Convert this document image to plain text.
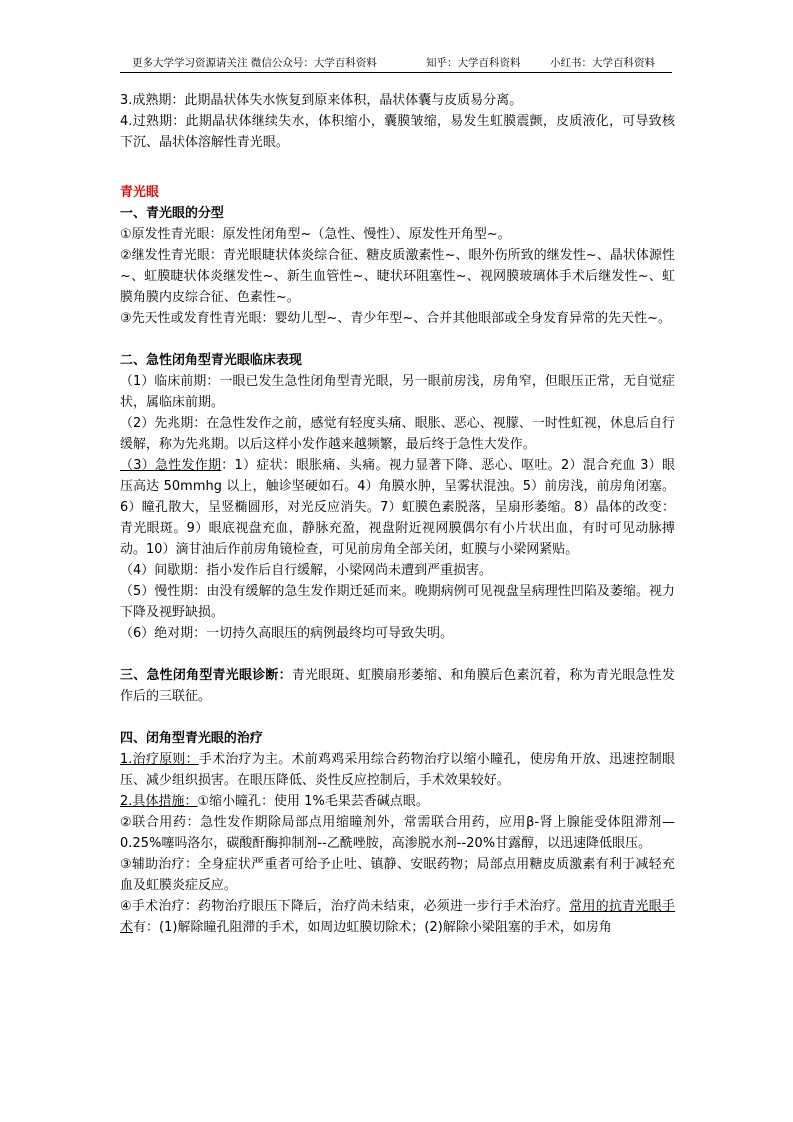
更多大学学习资源请关注 微信公众号：大学百科资料	知乎：大学百科资料	小红书：大学百科资料

3.成熟期：此期晶状体失水恢复到原来体积，晶状体囊与皮质易分离。

4.过熟期：此期晶状体继续失水，体积缩小，囊膜皱缩，易发生虹膜震颤，皮质液化，可导致核下沉、晶状体溶解性青光眼。

青光眼

一、青光眼的分型

①原发性青光眼：原发性闭角型~（急性、慢性）、原发性开角型~。

②继发性青光眼：青光眼睫状体炎综合征、糖皮质激素性~、眼外伤所致的继发性~、晶状体源性~、虹膜睫状体炎继发性~、新生血管性~、睫状环阻塞性~、视网膜玻璃体手术后继发性~、虹膜角膜内皮综合征、色素性~。

③先天性或发育性青光眼：婴幼儿型~、青少年型~、合并其他眼部或全身发育异常的先天性~。

二、急性闭角型青光眼临床表现

（1）临床前期：一眼已发生急性闭角型青光眼，另一眼前房浅，房角窄，但眼压正常，无自觉症状，属临床前期。

（2）先兆期：在急性发作之前，感觉有轻度头痛、眼胀、恶心、视朦、一时性虹视，休息后自行缓解，称为先兆期。以后这样小发作越来越频繁，最后终于急性大发作。

（3）急性发作期：1）症状：眼胀痛、头痛。视力显著下降、恶心、呕吐。2）混合充血 3）眼压高达 50mmhg 以上，触诊坚硬如石。4）角膜水肿，呈雾状混浊。5）前房浅，前房角闭塞。6）瞳孔散大，呈竖椭圆形，对光反应消失。7）虹膜色素脱落，呈扇形萎缩。8）晶体的改变：青光眼斑。9）眼底视盘充血，静脉充盈，视盘附近视网膜偶尔有小片状出血，有时可见动脉搏动。10）滴甘油后作前房角镜检查，可见前房角全部关闭，虹膜与小梁网紧贴。

（4）间歇期：指小发作后自行缓解，小梁网尚未遭到严重损害。

（5）慢性期：由没有缓解的急生发作期迁延而来。晚期病例可见视盘呈病理性凹陷及萎缩。视力下降及视野缺损。

（6）绝对期：一切持久高眼压的病例最终均可导致失明。

三、急性闭角型青光眼诊断：青光眼斑、虹膜扇形萎缩、和角膜后色素沉着，称为青光眼急性发作后的三联征。

四、闭角型青光眼的治疗

1.治疗原则：手术治疗为主。术前鸡鸡采用综合药物治疗以缩小瞳孔，使房角开放、迅速控制眼压、减少组织损害。在眼压降低、炎性反应控制后，手术效果较好。

2.具体措施：①缩小瞳孔：使用 1%毛果芸香碱点眼。

②联合用药：急性发作期除局部点用缩瞳剂外，常需联合用药，应用β-肾上腺能受体阻滞剂—0.25%噻吗洛尔，碳酸酐酶抑制剂--乙酰唑胺，高渗脱水剂--20%甘露醇，以迅速降低眼压。

③辅助治疗：全身症状严重者可给予止吐、镇静、安眠药物；局部点用糖皮质激素有利于减轻充血及虹膜炎症反应。

④手术治疗：药物治疗眼压下降后，治疗尚未结束，必须进一步行手术治疗。常用的抗青光眼手术有：(1)解除瞳孔阻滞的手术，如周边虹膜切除术；(2)解除小梁阻塞的手术，如房角
